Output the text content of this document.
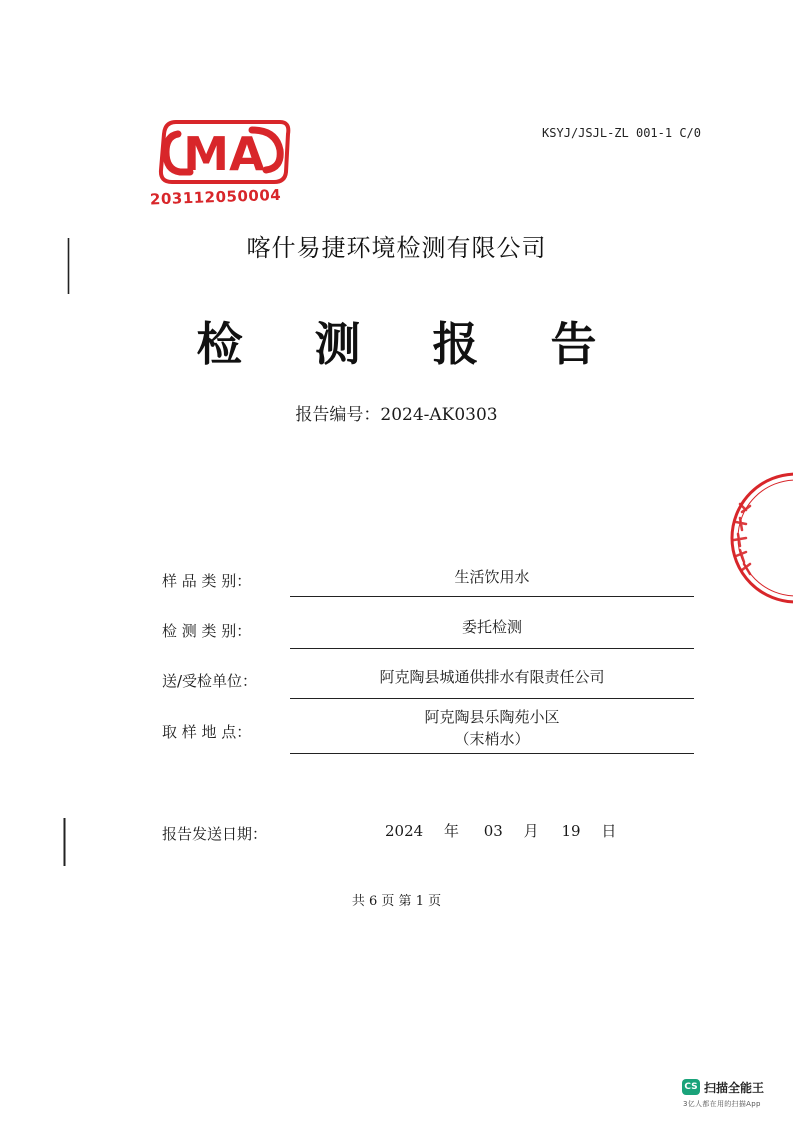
MA
203112050004
KSYJ/JSJL-ZL 001-1 C/0
喀什易捷环境检测有限公司
检 测 报 告
报告编号：2024-AK0303
样 品 类 别：	生活饮用水
检 测 类 别：	委托检测
送/受检单位：	阿克陶县城通供排水有限责任公司
取 样 地 点：
阿克陶县乐陶苑小区
（末梢水）
报告发送日期：	2024 年 03 月 19 日
共 6 页 第 1 页
CS 扫描全能王
3亿人都在用的扫描App
